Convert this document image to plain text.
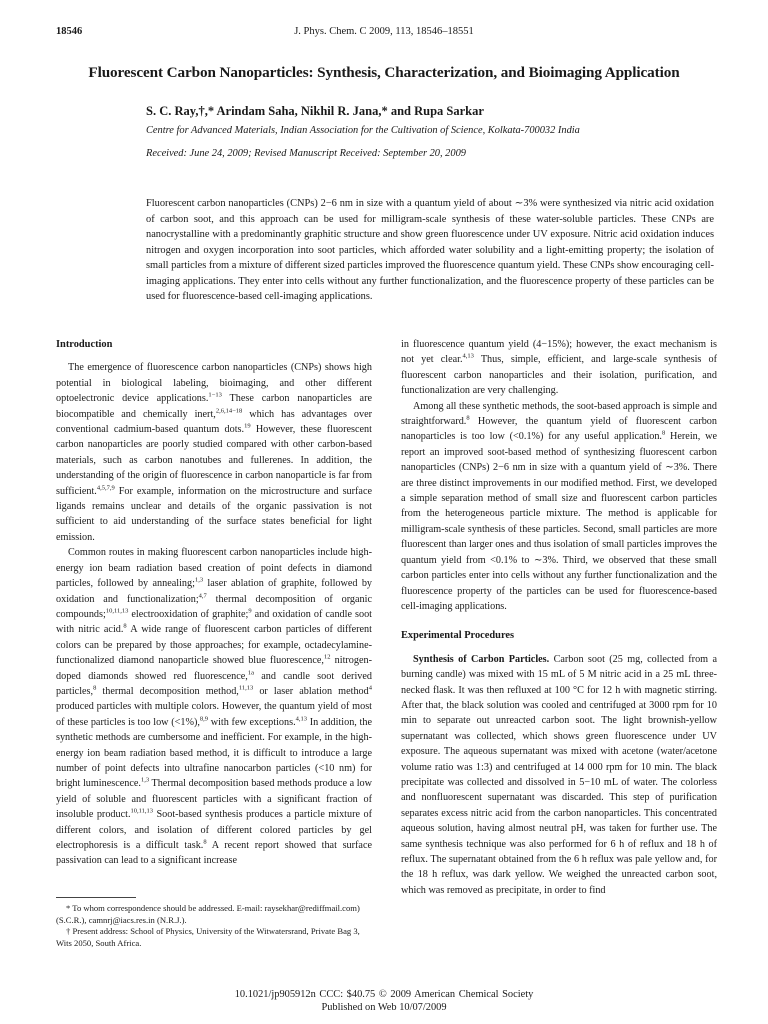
18546	J. Phys. Chem. C 2009, 113, 18546–18551
Fluorescent Carbon Nanoparticles: Synthesis, Characterization, and Bioimaging Application
S. C. Ray,†,* Arindam Saha, Nikhil R. Jana,* and Rupa Sarkar
Centre for Advanced Materials, Indian Association for the Cultivation of Science, Kolkata-700032 India
Received: June 24, 2009; Revised Manuscript Received: September 20, 2009

Fluorescent carbon nanoparticles (CNPs) 2−6 nm in size with a quantum yield of about ∼3% were synthesized via nitric acid oxidation of carbon soot, and this approach can be used for milligram-scale synthesis of these water-soluble particles. These CNPs are nanocrystalline with a predominantly graphitic structure and show green fluorescence under UV exposure. Nitric acid oxidation induces nitrogen and oxygen incorporation into soot particles, which afforded water solubility and a light-emitting property; the isolation of small particles from a mixture of different sized particles improved the fluorescence quantum yield. These CNPs show encouraging cell-imaging applications. They enter into cells without any further functionalization, and the fluorescence property of these particles can be used for fluorescence-based cell-imaging applications.

Introduction

The emergence of fluorescence carbon nanoparticles (CNPs) shows high potential in biological labeling, bioimaging, and other different optoelectronic device applications.$^{1-13}$ These carbon nanoparticles are biocompatible and chemically inert,$^{2,6,14-18}$ which has advantages over conventional cadmium-based quantum dots.$^{19}$ However, these fluorescent carbon nanoparticles are poorly studied compared with other carbon-based materials, such as carbon nanotubes and fullerenes. In addition, the understanding of the origin of fluorescence in carbon nanoparticle is far from sufficient.$^{4,5,7,9}$ For example, information on the microstructure and surface ligands remains unclear and details of the organic passivation is not sufficient to aid understanding of the surface states beneficial for light emission.

Common routes in making fluorescent carbon nanoparticles include high-energy ion beam radiation based creation of point defects in diamond particles, followed by annealing;$^{1,3}$ laser ablation of graphite, followed by oxidation and functionalization;$^{4,7}$ thermal decomposition of organic compounds;$^{10,11,13}$ electrooxidation of graphite;$^9$ and oxidation of candle soot with nitric acid.$^8$ A wide range of fluorescent carbon particles of different colors can be prepared by those approaches; for example, octadecylamine-functionalized diamond nanoparticle showed blue fluorescence,$^{12}$ nitrogen-doped diamonds showed red fluorescence,$^{1a}$ and candle soot derived particles,$^8$ thermal decomposition method,$^{11,13}$ or laser ablation method$^4$ produced particles with multiple colors. However, the quantum yield of most of these particles is too low (<1%),$^{8,9}$ with few exceptions.$^{4,13}$ In addition, the synthetic methods are cumbersome and inefficient. For example, in the high-energy ion beam radiation based method, it is difficult to introduce a large number of point defects into ultrafine nanocarbon particles (<10 nm) for bright luminescence.$^{1,3}$ Thermal decomposition based methods produce a low yield of soluble and fluorescent particles with a significant fraction of insoluble product.$^{10,11,13}$ Soot-based synthesis produces a particle mixture of different colors, and isolation of different colored particles by gel electrophoresis is a difficult task.$^8$ A recent report showed that surface passivation can lead to a significant increase

in fluorescence quantum yield (4−15%); however, the exact mechanism is not yet clear.$^{4,13}$ Thus, simple, efficient, and large-scale synthesis of fluorescent carbon nanoparticles and their isolation, purification, and functionalization are very challenging.

Among all these synthetic methods, the soot-based approach is simple and straightforward.$^8$ However, the quantum yield of fluorescent carbon nanoparticles is too low (<0.1%) for any useful application.$^8$ Herein, we report an improved soot-based method of synthesizing fluorescent carbon nanoparticles (CNPs) 2−6 nm in size with a quantum yield of ∼3%. There are three distinct improvements in our modified method. First, we developed a simple separation method of small size and fluorescent carbon particles from the heterogeneous particle mixture. The method is applicable for milligram-scale synthesis of these particles. Second, small particles are more fluorescent than larger ones and thus isolation of small particles improves the quantum yield from <0.1% to ∼3%. Third, we observed that these small carbon particles enter into cells without any further functionalization and the fluorescence property of the particles can be used for fluorescence-based cell-imaging applications.

Experimental Procedures

Synthesis of Carbon Particles. Carbon soot (25 mg, collected from a burning candle) was mixed with 15 mL of 5 M nitric acid in a 25 mL three-necked flask. It was then refluxed at 100 °C for 12 h with magnetic stirring. After that, the black solution was cooled and centrifuged at 3000 rpm for 10 min to separate out unreacted carbon soot. The light brownish-yellow supernatant was collected, which shows green fluorescence under UV exposure. The aqueous supernatant was mixed with acetone (water/acetone volume ratio was 1:3) and centrifuged at 14 000 rpm for 10 min. The black precipitate was collected and dissolved in 5−10 mL of water. The colorless and nonfluorescent supernatant was discarded. This step of purification separates excess nitric acid from the carbon nanoparticles. This concentrated aqueous solution, having almost neutral pH, was taken for further use. The same synthesis technique was also performed for 6 h of reflux and 18 h of reflux. The supernatant obtained from the 6 h reflux was pale yellow and, for the 18 h reflux, was dark yellow. We weighed the unreacted carbon soot, which was removed as precipitate, in order to find

* To whom correspondence should be addressed. E-mail: raysekhar@rediffmail.com) (S.C.R.), camnrj@iacs.res.in (N.R.J.).

† Present address: School of Physics, University of the Witwatersrand, Private Bag 3, Wits 2050, South Africa.

10.1021/jp905912n CCC: $40.75 © 2009 American Chemical Society
Published on Web 10/07/2009
